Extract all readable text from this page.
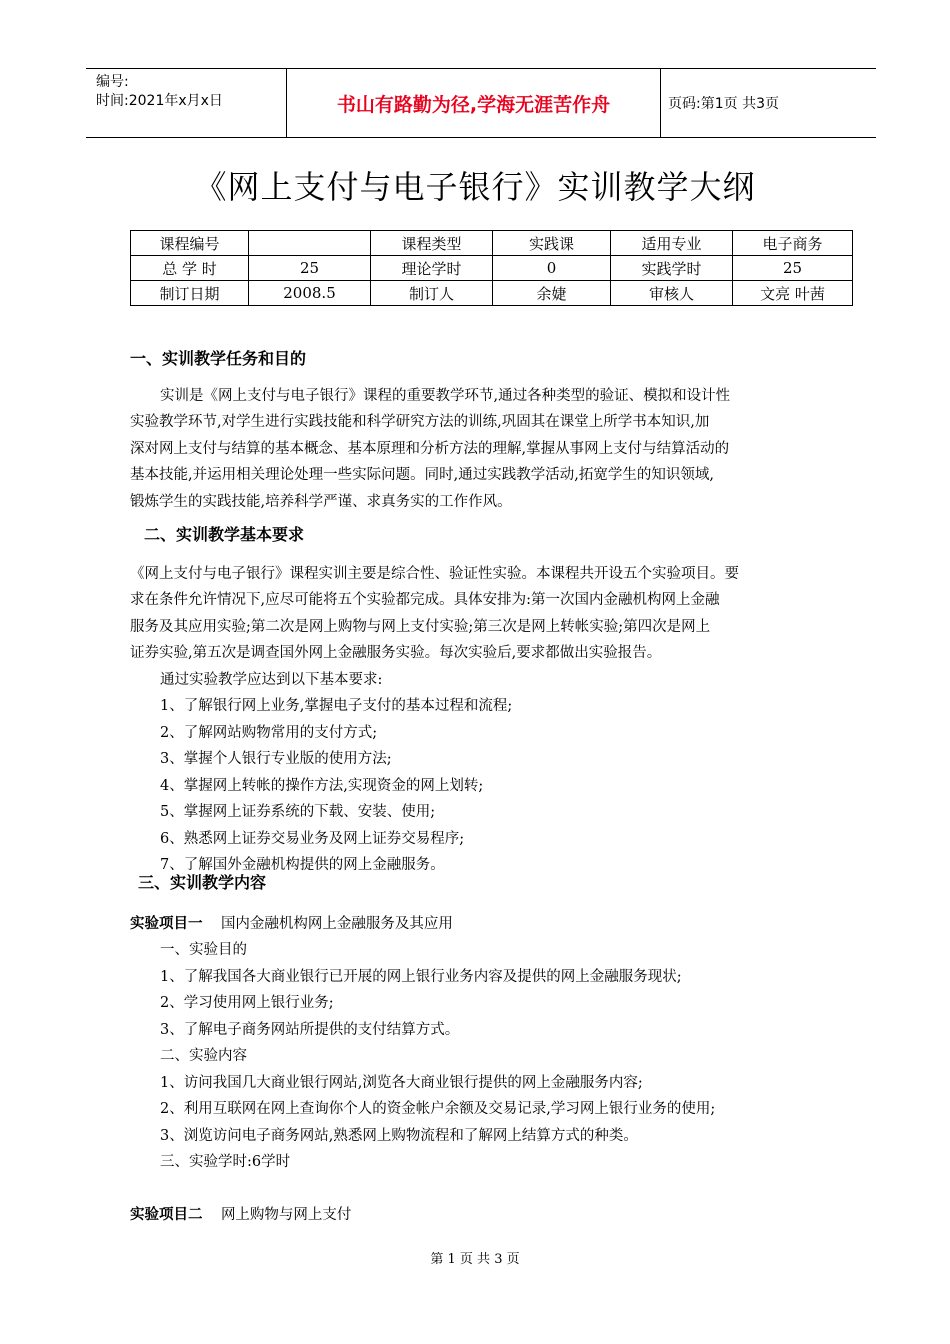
编号:
时间:2021年x月x日	书山有路勤为径,学海无涯苦作舟	页码:第1页 共3页
《网上支付与电子银行》实训教学大纲
课程编号		课程类型	实践课	适用专业	电子商务
总 学 时	25	理论学时	0	实践学时	25
制订日期	2008.5	制订人	余婕	审核人	文亮 叶茜
一、实训教学任务和目的

实训是《网上支付与电子银行》课程的重要教学环节,通过各种类型的验证、模拟和设计性

实验教学环节,对学生进行实践技能和科学研究方法的训练,巩固其在课堂上所学书本知识,加

深对网上支付与结算的基本概念、基本原理和分析方法的理解,掌握从事网上支付与结算活动的

基本技能,并运用相关理论处理一些实际问题。同时,通过实践教学活动,拓宽学生的知识领域,

锻炼学生的实践技能,培养科学严谨、求真务实的工作作风。

二、实训教学基本要求

《网上支付与电子银行》课程实训主要是综合性、验证性实验。本课程共开设五个实验项目。要

求在条件允许情况下,应尽可能将五个实验都完成。具体安排为:第一次国内金融机构网上金融

服务及其应用实验;第二次是网上购物与网上支付实验;第三次是网上转帐实验;第四次是网上

证券实验,第五次是调查国外网上金融服务实验。每次实验后,要求都做出实验报告。

通过实验教学应达到以下基本要求:

1、了解银行网上业务,掌握电子支付的基本过程和流程;

2、了解网站购物常用的支付方式;

3、掌握个人银行专业版的使用方法;

4、掌握网上转帐的操作方法,实现资金的网上划转;

5、掌握网上证券系统的下载、安装、使用;

6、熟悉网上证券交易业务及网上证券交易程序;

7、了解国外金融机构提供的网上金融服务。

三、实训教学内容

实验项目一 国内金融机构网上金融服务及其应用

一、实验目的

1、了解我国各大商业银行已开展的网上银行业务内容及提供的网上金融服务现状;

2、学习使用网上银行业务;

3、了解电子商务网站所提供的支付结算方式。

二、实验内容

1、访问我国几大商业银行网站,浏览各大商业银行提供的网上金融服务内容;

2、利用互联网在网上查询你个人的资金帐户余额及交易记录,学习网上银行业务的使用;

3、浏览访问电子商务网站,熟悉网上购物流程和了解网上结算方式的种类。

三、实验学时:6学时

实验项目二 网上购物与网上支付

第 1 页 共 3 页
